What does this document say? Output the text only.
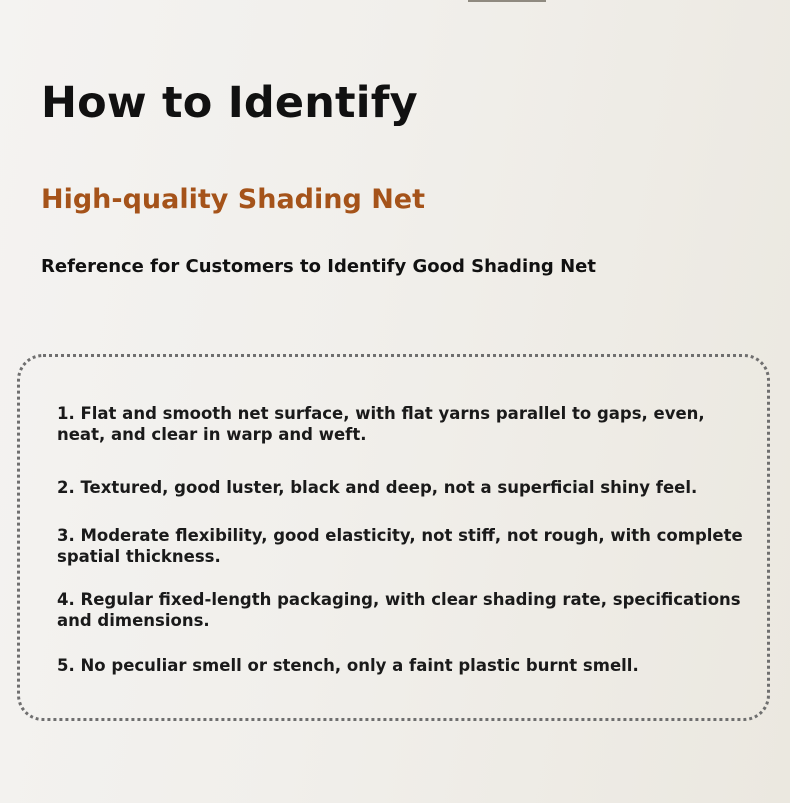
How to Identify
High-quality Shading Net
Reference for Customers to Identify Good Shading Net
1. Flat and smooth net surface, with flat yarns parallel to gaps, even, neat, and clear in warp and weft.
2. Textured, good luster, black and deep, not a superficial shiny feel.
3. Moderate flexibility, good elasticity, not stiff, not rough, with complete spatial thickness.
4. Regular fixed-length packaging, with clear shading rate, specifications and dimensions.
5. No peculiar smell or stench, only a faint plastic burnt smell.
